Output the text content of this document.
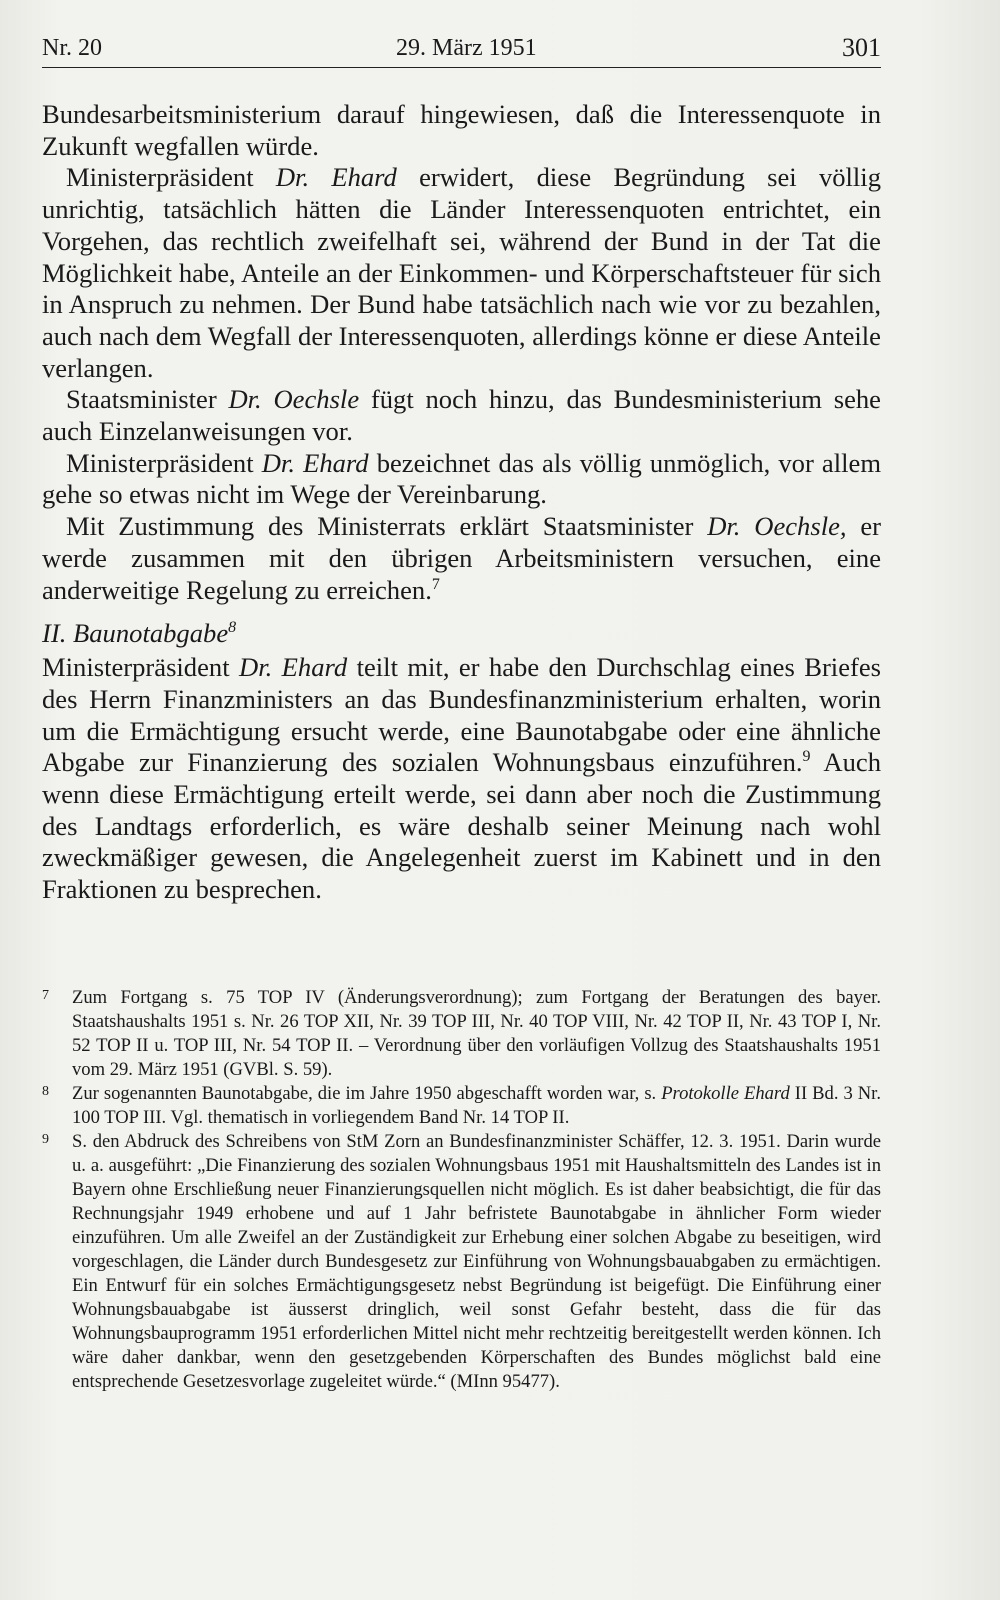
Nr. 20	29. März 1951	301

Bundesarbeitsministerium darauf hingewiesen, daß die Interessenquote in Zukunft wegfallen würde.

Ministerpräsident Dr. Ehard erwidert, diese Begründung sei völlig unrichtig, tatsächlich hätten die Länder Interessenquoten entrichtet, ein Vorgehen, das rechtlich zweifelhaft sei, während der Bund in der Tat die Möglichkeit habe, Anteile an der Einkommen- und Körperschaftsteuer für sich in Anspruch zu nehmen. Der Bund habe tatsächlich nach wie vor zu bezahlen, auch nach dem Wegfall der Interessenquoten, allerdings könne er diese Anteile verlangen.

Staatsminister Dr. Oechsle fügt noch hinzu, das Bundesministerium sehe auch Einzelanweisungen vor.

Ministerpräsident Dr. Ehard bezeichnet das als völlig unmöglich, vor allem gehe so etwas nicht im Wege der Vereinbarung.

Mit Zustimmung des Ministerrats erklärt Staatsminister Dr. Oechsle, er werde zusammen mit den übrigen Arbeitsministern versuchen, eine anderweitige Regelung zu erreichen.$^7$

II. Baunotabgabe$^8$

Ministerpräsident Dr. Ehard teilt mit, er habe den Durchschlag eines Briefes des Herrn Finanzministers an das Bundesfinanzministerium erhalten, worin um die Ermächtigung ersucht werde, eine Baunotabgabe oder eine ähnliche Abgabe zur Finanzierung des sozialen Wohnungsbaus einzuführen.$^9$ Auch wenn diese Ermächtigung erteilt werde, sei dann aber noch die Zustimmung des Landtags erforderlich, es wäre deshalb seiner Meinung nach wohl zweckmäßiger gewesen, die Angelegenheit zuerst im Kabinett und in den Fraktionen zu besprechen.

7 Zum Fortgang s. 75 TOP IV (Änderungsverordnung); zum Fortgang der Beratungen des bayer. Staatshaushalts 1951 s. Nr. 26 TOP XII, Nr. 39 TOP III, Nr. 40 TOP VIII, Nr. 42 TOP II, Nr. 43 TOP I, Nr. 52 TOP II u. TOP III, Nr. 54 TOP II. – Verordnung über den vorläufigen Vollzug des Staatshaushalts 1951 vom 29. März 1951 (GVBl. S. 59).

8 Zur sogenannten Baunotabgabe, die im Jahre 1950 abgeschafft worden war, s. Protokolle Ehard II Bd. 3 Nr. 100 TOP III. Vgl. thematisch in vorliegendem Band Nr. 14 TOP II.

9 S. den Abdruck des Schreibens von StM Zorn an Bundesfinanzminister Schäffer, 12. 3. 1951. Darin wurde u. a. ausgeführt: „Die Finanzierung des sozialen Wohnungsbaus 1951 mit Haushaltsmitteln des Landes ist in Bayern ohne Erschließung neuer Finanzierungsquellen nicht möglich. Es ist daher beabsichtigt, die für das Rechnungsjahr 1949 erhobene und auf 1 Jahr befristete Baunotabgabe in ähnlicher Form wieder einzuführen. Um alle Zweifel an der Zuständigkeit zur Erhebung einer solchen Abgabe zu beseitigen, wird vorgeschlagen, die Länder durch Bundesgesetz zur Einführung von Wohnungsbauabgaben zu ermächtigen. Ein Entwurf für ein solches Ermächtigungsgesetz nebst Begründung ist beigefügt. Die Einführung einer Wohnungsbauabgabe ist äusserst dringlich, weil sonst Gefahr besteht, dass die für das Wohnungsbauprogramm 1951 erforderlichen Mittel nicht mehr rechtzeitig bereitgestellt werden können. Ich wäre daher dankbar, wenn den gesetzgebenden Körperschaften des Bundes möglichst bald eine entsprechende Gesetzesvorlage zugeleitet würde.“ (MInn 95477).
